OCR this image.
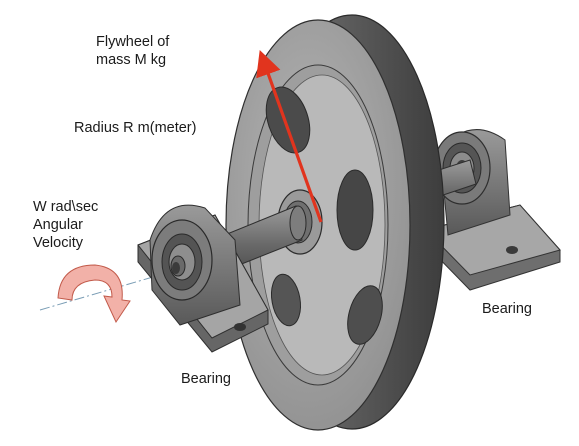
Flywheel of
mass M kg
Radius R m(meter)
W rad\sec
Angular
Velocity
Bearing
Bearing
